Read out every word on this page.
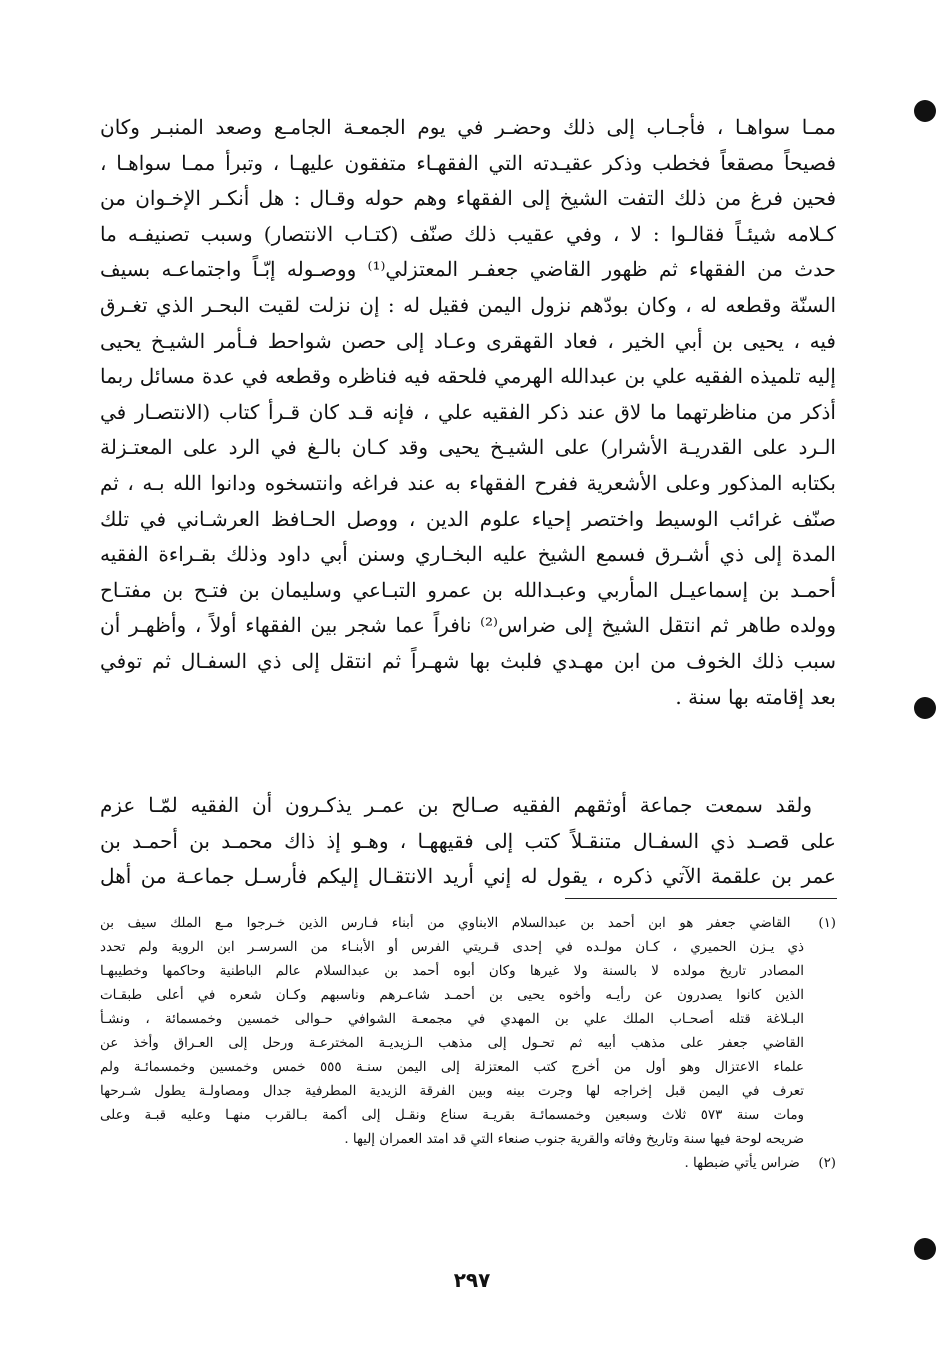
ممـا سواهـا ، فأجـاب إلى ذلك وحضـر في يوم الجمعـة الجامـع وصعد المنبـر وكان
فصيحاً مصقعاً فخطب وذكر عقيـدته التي الفقهـاء متفقون عليهـا ، وتبرأ ممـا سواهـا ،
فحين فرغ من ذلك التفت الشيخ إلى الفقهاء وهم حوله وقـال : هل أنكـر الإخـوان من
كـلامه شيئـاً فقالـوا : لا ، وفي عقيب ذلك صنّف (كتـاب الانتصار) وسبب تصنيفـه ما
حدث من الفقهاء ثم ظهور القاضي جعفـر المعتزلي⁽¹⁾ ووصـوله إبّـاً واجتماعـه بسيف
السنّة وقطعه له ، وكان بودّهم نزول اليمن فقيل له : إن نزلت لقيت البحـر الذي تغـرق
فيه ، يحيى بن أبي الخير ، فعاد القهقرى وعـاد إلى حصن شواحط فـأمر الشيـخ يحيى
إليه تلميذه الفقيه علي بن عبدالله الهرمي فلحقه فيه فناظره وقطعه في عدة مسائل ربما
أذكر من مناظرتهما ما لاق عند ذكر الفقيه علي ، فإنه قـد كان قـرأ كتاب (الانتصـار في
الـرد على القدريـة الأشرار) على الشيـخ يحيى وقد كـان بالـغ في الرد على المعتـزلة
بكتابه المذكور وعلى الأشعرية ففرح الفقهاء به عند فراغه وانتسخوه ودانوا الله بـه ، ثم
صنّف غرائب الوسيط واختصر إحياء علوم الدين ، ووصل الحـافظ العرشـاني في تلك
المدة إلى ذي أشـرق فسمع الشيخ عليه البخـاري وسنن أبي داود وذلك بقـراءة الفقيه
أحمـد بن إسماعيـل المأربي وعبـدالله بن عمرو التبـاعي وسليمان بن فتـح بن مفتـاح
وولده طاهر ثم انتقل الشيخ إلى ضراس⁽²⁾ نافراً عما شجر بين الفقهاء أولاً ، وأظهـر أن
سبب ذلك الخوف من ابن مهـدي فلبث بها شهـراً ثم انتقل إلى ذي السفـال ثم توفي
بعد إقامته بها سنة .
ولقد سمعت جماعة أوثقهم الفقيه صـالح بن عمـر يذكـرون أن الفقيه لمّـا عزم
على قصـد ذي السفـال متنقـلاً كتب إلى فقيههـا ، وهـو إذ ذاك محمـد بن أحمـد بن
عمر بن علقمة الآتي ذكره ، يقول له إني أريد الانتقـال إليكم فأرسـل جماعـة من أهل
(١) القاضي جعفر هو ابن أحمد بن عبدالسلام الابناوي من أبناء فـارس الذين خـرجوا مـع الملك سيف بن
ذي يـزن الحميري ، كـان مولـده في إحدى قـريتي الفرس أو الأبنـاء من السرسـر ابن الروية ولم تحدد
المصادر تاريخ مولده لا بالسنة ولا غيرها وكان أبوه أحمد بن عبدالسلام عالم الباطنية وحاكمها وخطيبهـا
الذين كانوا يصدرون عن رأيـه وأخوه يحيى بن أحمـد شاعـرهم وناسبهم وكـان شعره في أعلى طبقـات
البـلاغة قتله أصحـاب الملك علي بن المهدي في مجمعـة الشوافي حـوالى خمسين وخمسمائة ، ونشـأ
القاضي جعفر على مذهب أبيه ثم تحـول إلى مذهب الـزيديـة المخترعـة ورحل إلى العـراق وأخذ عن
علماء الاعتزال وهو أول من أخرج كتب المعتزلة إلى اليمن سنـة ٥٥٥ خمس وخمسين وخمسمائـة ولم
تعرف في اليمن قبل إخراجه لها وجرت بينه وبين الفرقة الزيدية المطرفية جدال ومصاولـة يطول شـرحها
ومات سنة ٥٧٣ ثلاث وسبعين وخمسمائـة بقريـة سناع ونقـل إلى أكمة بـالقرب منهـا وعليه قبـة وعلى
ضريحه لوحة فيها سنة وتاريخ وفاته والقرية جنوب صنعاء التي قد امتد العمران إليها .
(٢) ضراس يأتي ضبطها .
٢٩٧
